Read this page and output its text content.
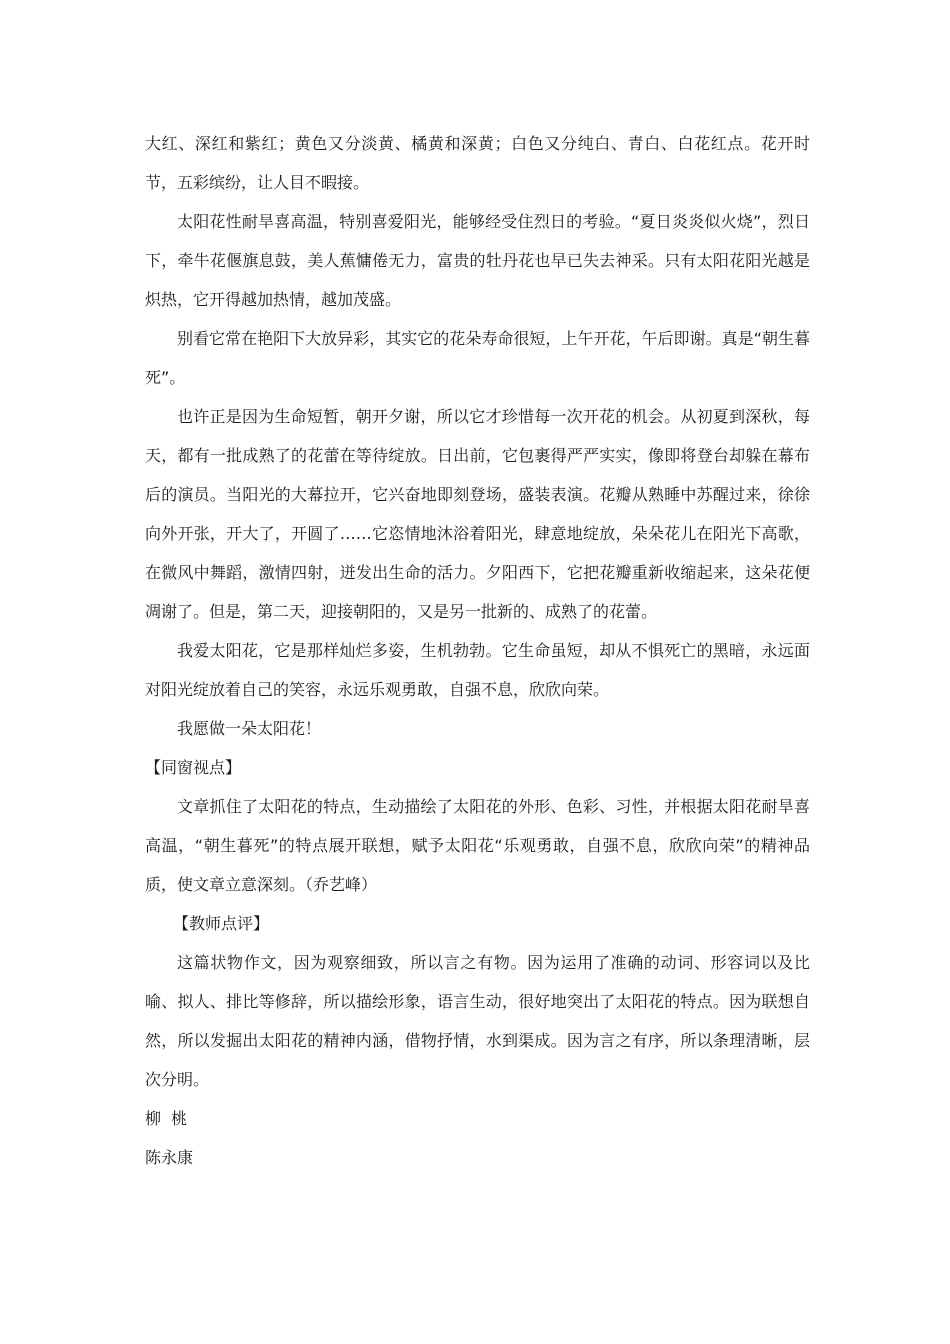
大红、深红和紫红；黄色又分淡黄、橘黄和深黄；白色又分纯白、青白、白花红点。花开时节，五彩缤纷，让人目不暇接。

太阳花性耐旱喜高温，特别喜爱阳光，能够经受住烈日的考验。“夏日炎炎似火烧”，烈日下，牵牛花偃旗息鼓，美人蕉慵倦无力，富贵的牡丹花也早已失去神采。只有太阳花阳光越是炽热，它开得越加热情，越加茂盛。

别看它常在艳阳下大放异彩，其实它的花朵寿命很短，上午开花，午后即谢。真是“朝生暮死”。

也许正是因为生命短暂，朝开夕谢，所以它才珍惜每一次开花的机会。从初夏到深秋，每天，都有一批成熟了的花蕾在等待绽放。日出前，它包裹得严严实实，像即将登台却躲在幕布后的演员。当阳光的大幕拉开，它兴奋地即刻登场，盛装表演。花瓣从熟睡中苏醒过来，徐徐向外开张，开大了，开圆了……它恣情地沐浴着阳光，肆意地绽放，朵朵花儿在阳光下高歌，在微风中舞蹈，激情四射，迸发出生命的活力。夕阳西下，它把花瓣重新收缩起来，这朵花便凋谢了。但是，第二天，迎接朝阳的，又是另一批新的、成熟了的花蕾。

我爱太阳花，它是那样灿烂多姿，生机勃勃。它生命虽短，却从不惧死亡的黑暗，永远面对阳光绽放着自己的笑容，永远乐观勇敢，自强不息，欣欣向荣。

我愿做一朵太阳花！

【同窗视点】

文章抓住了太阳花的特点，生动描绘了太阳花的外形、色彩、习性，并根据太阳花耐旱喜高温，“朝生暮死”的特点展开联想，赋予太阳花“乐观勇敢，自强不息，欣欣向荣”的精神品质，使文章立意深刻。（乔艺峰）

【教师点评】

这篇状物作文，因为观察细致，所以言之有物。因为运用了准确的动词、形容词以及比喻、拟人、排比等修辞，所以描绘形象，语言生动，很好地突出了太阳花的特点。因为联想自然，所以发掘出太阳花的精神内涵，借物抒情，水到渠成。因为言之有序，所以条理清晰，层次分明。

柳  桃

陈永康
